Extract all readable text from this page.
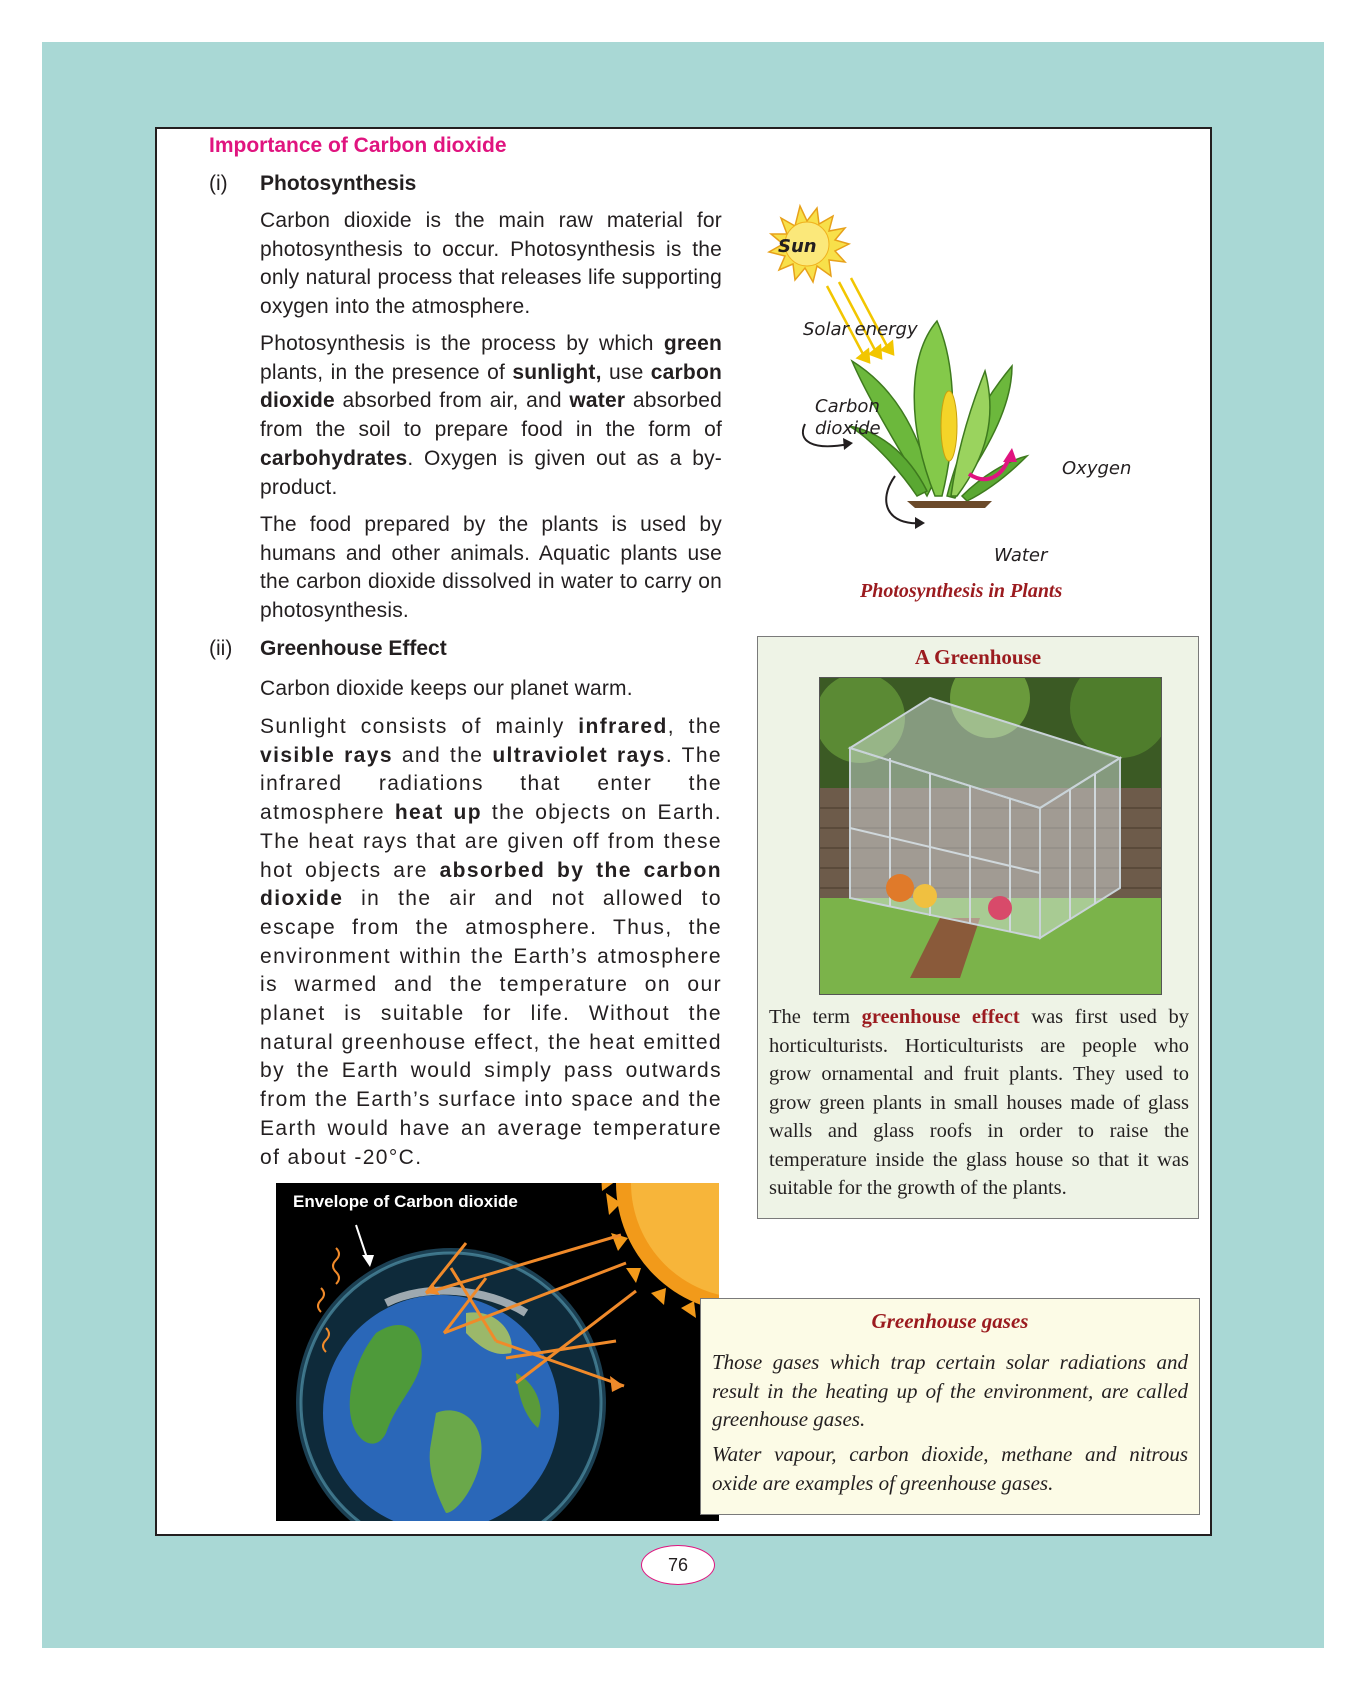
Importance of Carbon dioxide
(i) Photosynthesis

Carbon dioxide is the main raw material for photosynthesis to occur. Photosynthesis is the only natural process that releases life supporting oxygen into the atmosphere.

Photosynthesis is the process by which green plants, in the presence of sunlight, use carbon dioxide absorbed from air, and water absorbed from the soil to prepare food in the form of carbohydrates. Oxygen is given out as a by-product.

The food prepared by the plants is used by humans and other animals. Aquatic plants use the carbon dioxide dissolved in water to carry on photosynthesis.

Sun
Solar energy
Carbon dioxide
Oxygen
Water
Photosynthesis in Plants
(ii) Greenhouse Effect

Carbon dioxide keeps our planet warm.

Sunlight consists of mainly infrared, the visible rays and the ultraviolet rays. The infrared radiations that enter the atmosphere heat up the objects on Earth. The heat rays that are given off from these hot objects are absorbed by the carbon dioxide in the air and not allowed to escape from the atmosphere. Thus, the environment within the Earth’s atmosphere is warmed and the temperature on our planet is suitable for life. Without the natural greenhouse effect, the heat emitted by the Earth would simply pass outwards from the Earth’s surface into space and the Earth would have an average temperature of about -20°C.

A Greenhouse

The term greenhouse effect was first used by horticulturists. Horticulturists are people who grow ornamental and fruit plants. They used to grow green plants in small houses made of glass walls and glass roofs in order to raise the temperature inside the glass house so that it was suitable for the growth of the plants.

Envelope of Carbon dioxide
Greenhouse gases

Those gases which trap certain solar radiations and result in the heating up of the environment, are called greenhouse gases.

Water vapour, carbon dioxide, methane and nitrous oxide are examples of greenhouse gases.

76
